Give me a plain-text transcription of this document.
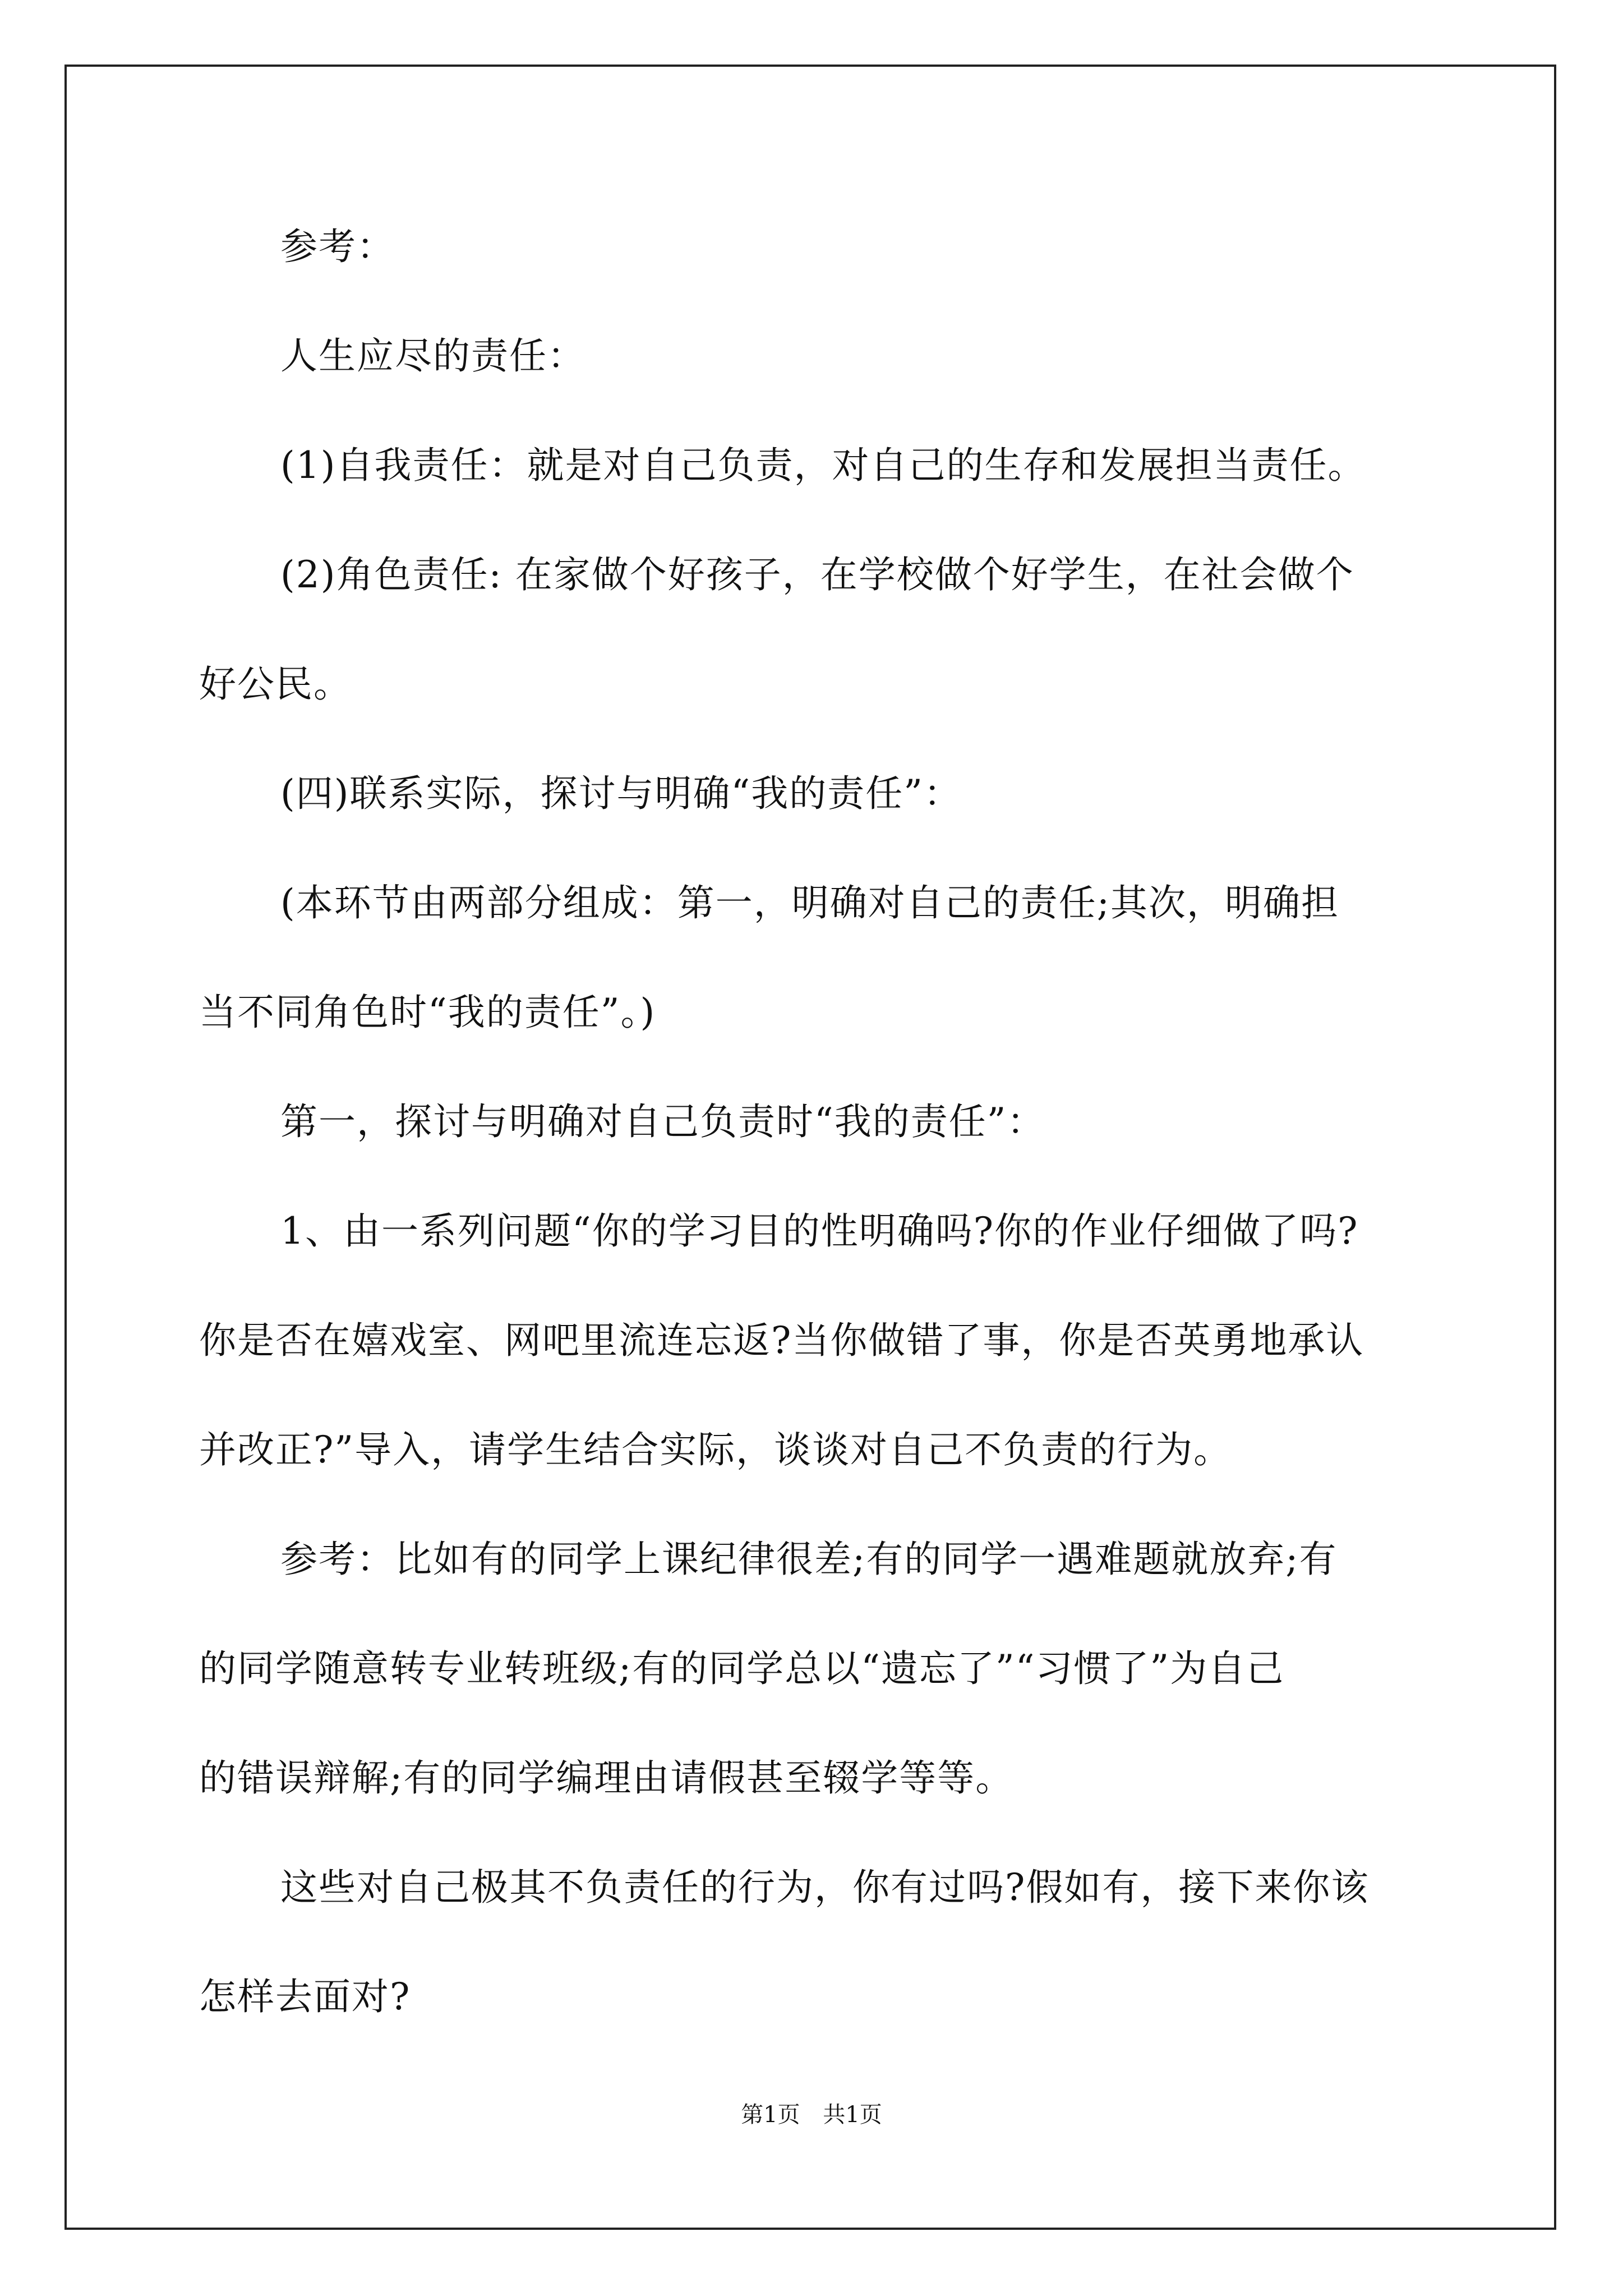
参考：
人生应尽的责任：
(1)自我责任：就是对自己负责，对自己的生存和发展担当责任。
(2)角色责任: 在家做个好孩子，在学校做个好学生，在社会做个
好公民。
(四)联系实际，探讨与明确“我的责任”：
(本环节由两部分组成：第一，明确对自己的责任;其次，明确担
当不同角色时“我的责任”。)
第一，探讨与明确对自己负责时“我的责任”：
1、由一系列问题“你的学习目的性明确吗?你的作业仔细做了吗?
你是否在嬉戏室、网吧里流连忘返?当你做错了事，你是否英勇地承认
并改正?”导入，请学生结合实际，谈谈对自己不负责的行为。
参考：比如有的同学上课纪律很差;有的同学一遇难题就放弃;有
的同学随意转专业转班级;有的同学总以“遗忘了”“习惯了”为自己
的错误辩解;有的同学编理由请假甚至辍学等等。
这些对自己极其不负责任的行为，你有过吗?假如有，接下来你该
怎样去面对?
第1页 共1页
